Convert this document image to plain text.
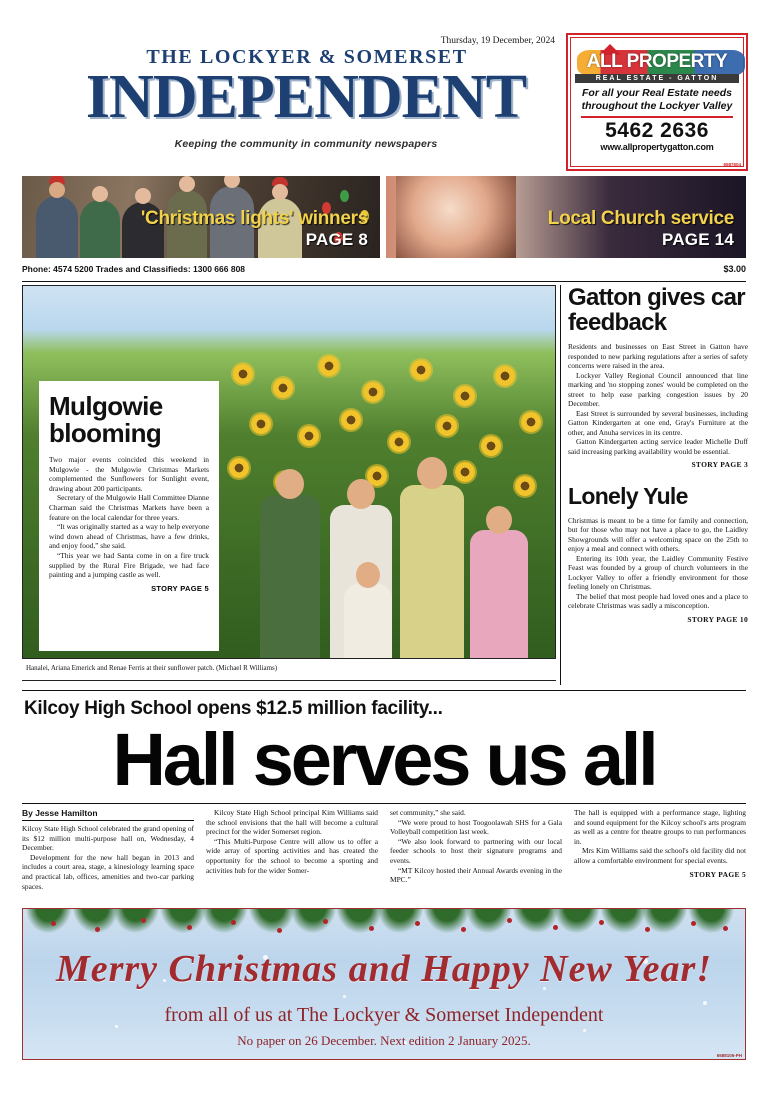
THE LOCKYER & SOMERSET
INDEPENDENT
Keeping the community in community newspapers
Thursday, 19 December, 2024
ALL PROPERTY
REAL ESTATE - GATTON
For all your Real Estate needs throughout the Lockyer Valley
5462 2636
www.allpropertygatton.com
6587604
'Christmas lights' winners
PAGE 8
Local Church service
PAGE 14
Phone: 4574 5200 Trades and Classifieds: 1300 666 808	$3.00
Mulgowie blooming

Two major events coincided this weekend in Mulgowie - the Mulgowie Christmas Markets complemented the Sunflowers for Sunlight event, drawing about 200 participants.

Secretary of the Mulgowie Hall Committee Dianne Charman said the Christmas Markets have been a feature on the local calendar for three years.

“It was originally started as a way to help everyone wind down ahead of Christmas, have a few drinks, and enjoy food,” she said.

“This year we had Santa come in on a fire truck supplied by the Rural Fire Brigade, we had face painting and a jumping castle as well.

STORY PAGE 5
Hanalei, Ariana Emerick and Renae Ferris at their sunflower patch. (Michael R Williams)
Gatton gives car feedback

Residents and businesses on East Street in Gatton have responded to new parking regulations after a series of safety concerns were raised in the area.

Lockyer Valley Regional Council announced that line marking and 'no stopping zones' would be completed on the street to help ease parking congestion issues by 20 December.

East Street is surrounded by several businesses, including Gatton Kindergarten at one end, Gray's Furniture at the other, and Anuha services in its centre.

Gatton Kindergarten acting service leader Michelle Duff said increasing parking availability would be essential.

STORY PAGE 3
Lonely Yule

Christmas is meant to be a time for family and connection, but for those who may not have a place to go, the Laidley Showgrounds will offer a welcoming space on the 25th to enjoy a meal and connect with others.

Entering its 10th year, the Laidley Community Festive Feast was founded by a group of church volunteers in the Lockyer Valley to offer a friendly environment for those feeling lonely on Christmas.

The belief that most people had loved ones and a place to celebrate Christmas was sadly a misconception.

STORY PAGE 10
Kilcoy High School opens $12.5 million facility...
Hall serves us all
By Jesse Hamilton

Kilcoy State High School celebrated the grand opening of its $12 million multi-purpose hall on, Wednesday, 4 December.

Development for the new hall began in 2013 and includes a court area, stage, a kinesiology learning space and practical lab, offices, amenities and two-car parking spaces.

Kilcoy State High School principal Kim Williams said the school envisions that the hall will become a cultural precinct for the wider Somerset region.

“This Multi-Purpose Centre will allow us to offer a wide array of sporting activities and has created the opportunity for the school to become a sporting and activities hub for the wider Somer-

set community,” she said.

“We were proud to host Toogoolawah SHS for a Gala Volleyball competition last week.

“We also look forward to partnering with our local feeder schools to host their signature programs and events.

“MT Kilcoy hosted their Annual Awards evening in the MPC.”

The hall is equipped with a performance stage, lighting and sound equipment for the Kilcoy school's arts program as well as a centre for theatre groups to run performances in.

Mrs Kim Williams said the school's old facility did not allow a comfortable environment for special events.

STORY PAGE 5
Merry Christmas and Happy New Year!
from all of us at The Lockyer & Somerset Independent
No paper on 26 December. Next edition 2 January 2025.
6588106-PH
